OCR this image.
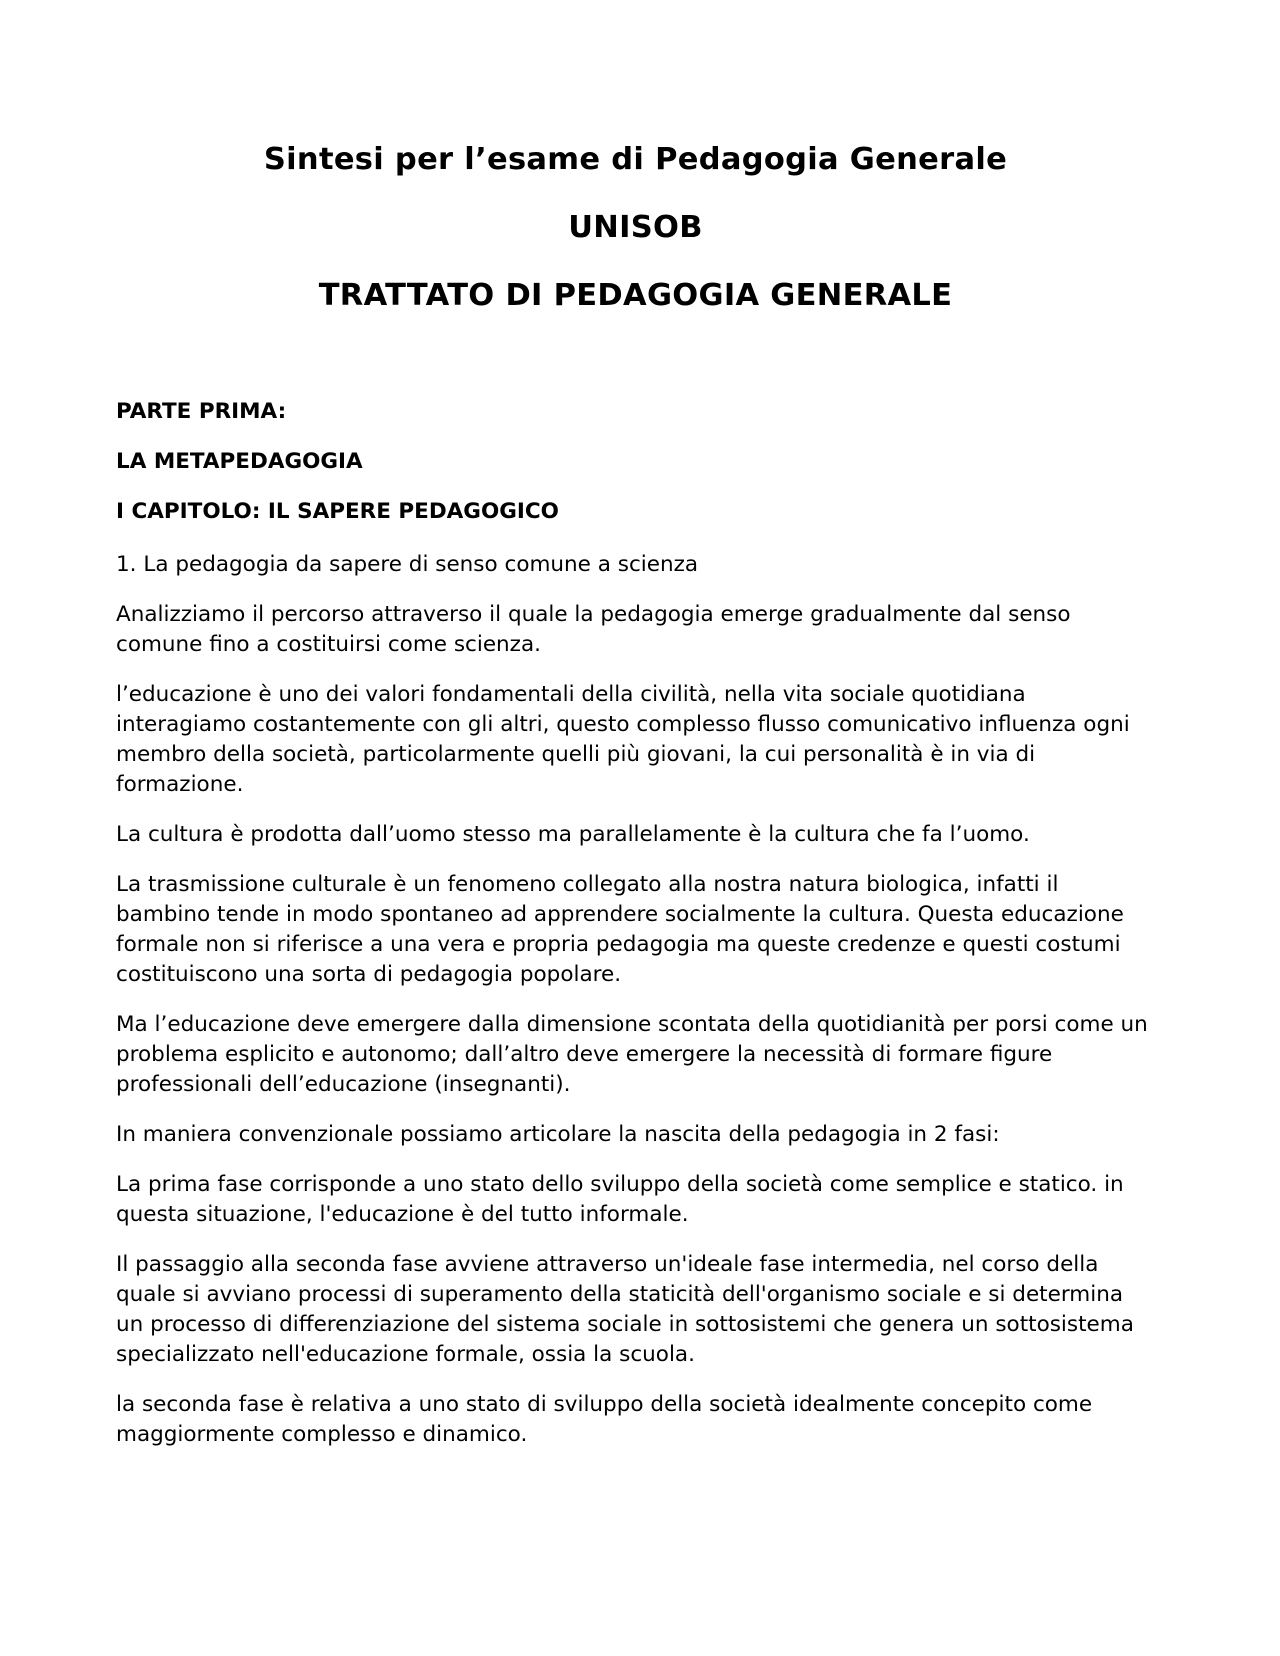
Sintesi per l’esame di Pedagogia Generale
UNISOB
TRATTATO DI PEDAGOGIA GENERALE
PARTE PRIMA:
LA METAPEDAGOGIA
I CAPITOLO: IL SAPERE PEDAGOGICO

1. La pedagogia da sapere di senso comune a scienza

Analizziamo il percorso attraverso il quale la pedagogia emerge gradualmente dal senso comune fino a costituirsi come scienza.

l’educazione è uno dei valori fondamentali della civilità, nella vita sociale quotidiana interagiamo costantemente con gli altri, questo complesso flusso comunicativo influenza ogni membro della società, particolarmente quelli più giovani, la cui personalità è in via di formazione.

La cultura è prodotta dall’uomo stesso ma parallelamente è la cultura che fa l’uomo.

La trasmissione culturale è un fenomeno collegato alla nostra natura biologica, infatti il bambino tende in modo spontaneo ad apprendere socialmente la cultura. Questa educazione formale non si riferisce a una vera e propria pedagogia ma queste credenze e questi costumi costituiscono una sorta di pedagogia popolare.

Ma l’educazione deve emergere dalla dimensione scontata della quotidianità per porsi come un problema esplicito e autonomo; dall’altro deve emergere la necessità di formare figure professionali dell’educazione (insegnanti).

In maniera convenzionale possiamo articolare la nascita della pedagogia in 2 fasi:

La prima fase corrisponde a uno stato dello sviluppo della società come semplice e statico. in questa situazione, l'educazione è del tutto informale.

Il passaggio alla seconda fase avviene attraverso un'ideale fase intermedia, nel corso della quale si avviano processi di superamento della staticità dell'organismo sociale e si determina un processo di differenziazione del sistema sociale in sottosistemi che genera un sottosistema specializzato nell'educazione formale, ossia la scuola.

la seconda fase è relativa a uno stato di sviluppo della società idealmente concepito come maggiormente complesso e dinamico.
